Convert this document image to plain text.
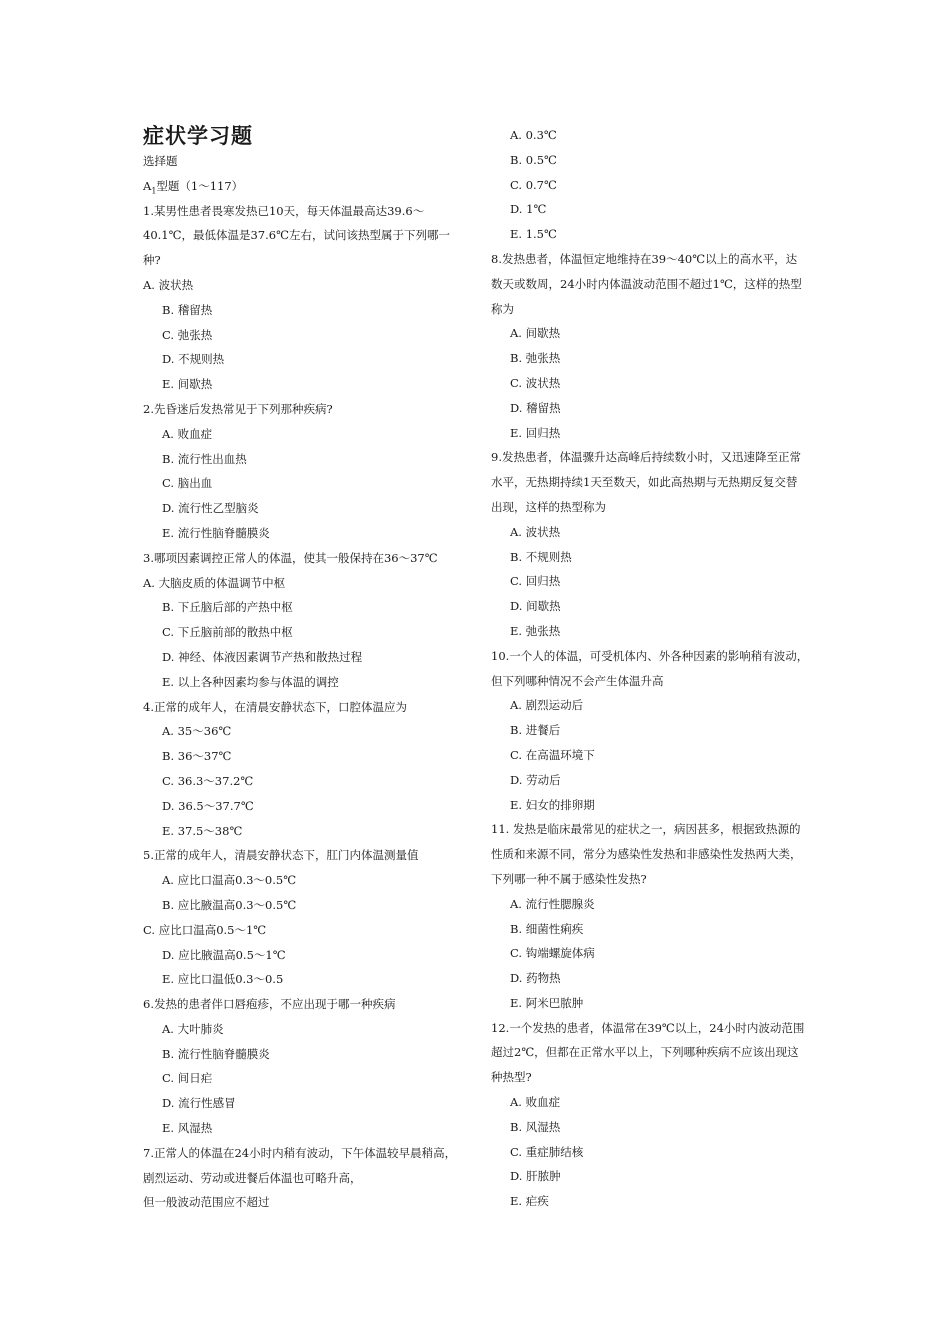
症状学习题
选择题
$A_1$型题（1～117）
1.某男性患者畏寒发热已10天，每天体温最高达39.6～
40.1℃，最低体温是37.6℃左右，试问该热型属于下列哪一
种?
A. 波状热
B. 稽留热
C. 弛张热
D. 不规则热
E. 间歇热
2.先昏迷后发热常见于下列那种疾病?
A. 败血症
B. 流行性出血热
C. 脑出血
D. 流行性乙型脑炎
E. 流行性脑脊髓膜炎
3.哪项因素调控正常人的体温，使其一般保持在36～37℃
A. 大脑皮质的体温调节中枢
B. 下丘脑后部的产热中枢
C. 下丘脑前部的散热中枢
D. 神经、体液因素调节产热和散热过程
E. 以上各种因素均参与体温的调控
4.正常的成年人，在清晨安静状态下，口腔体温应为
A. 35～36℃
B. 36～37℃
C. 36.3～37.2℃
D. 36.5～37.7℃
E. 37.5～38℃
5.正常的成年人，清晨安静状态下，肛门内体温测量值
A. 应比口温高0.3～0.5℃
B. 应比腋温高0.3～0.5℃
C. 应比口温高0.5～1℃
D. 应比腋温高0.5～1℃
E. 应比口温低0.3～0.5
6.发热的患者伴口唇疱疹，不应出现于哪一种疾病
A. 大叶肺炎
B. 流行性脑脊髓膜炎
C. 间日疟
D. 流行性感冒
E. 风湿热
7.正常人的体温在24小时内稍有波动，下午体温较早晨稍高，
剧烈运动、劳动或进餐后体温也可略升高，
但一般波动范围应不超过
A. 0.3℃
B. 0.5℃
C. 0.7℃
D. 1℃
E. 1.5℃
8.发热患者，体温恒定地维持在39～40℃以上的高水平，达
数天或数周，24小时内体温波动范围不超过1℃，这样的热型
称为
A. 间歇热
B. 弛张热
C. 波状热
D. 稽留热
E. 回归热
9.发热患者，体温骤升达高峰后持续数小时，又迅速降至正常
水平，无热期持续1天至数天，如此高热期与无热期反复交替
出现，这样的热型称为
A. 波状热
B. 不规则热
C. 回归热
D. 间歇热
E. 弛张热
10.一个人的体温，可受机体内、外各种因素的影响稍有波动，
但下列哪种情况不会产生体温升高
A. 剧烈运动后
B. 进餐后
C. 在高温环境下
D. 劳动后
E. 妇女的排卵期
11. 发热是临床最常见的症状之一，病因甚多，根据致热源的
性质和来源不同，常分为感染性发热和非感染性发热两大类，
下列哪一种不属于感染性发热?
A. 流行性腮腺炎
B. 细菌性痢疾
C. 钩端螺旋体病
D. 药物热
E. 阿米巴脓肿
12.一个发热的患者，体温常在39℃以上，24小时内波动范围
超过2℃，但都在正常水平以上，下列哪种疾病不应该出现这
种热型?
A. 败血症
B. 风湿热
C. 重症肺结核
D. 肝脓肿
E. 疟疾
